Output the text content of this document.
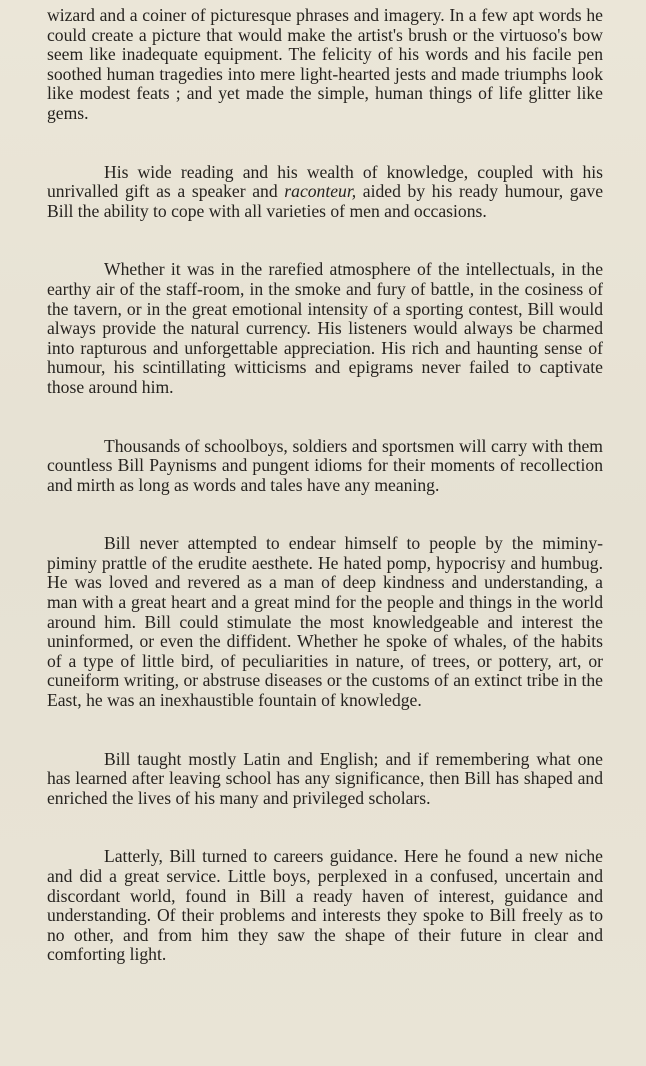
wizard and a coiner of picturesque phrases and imagery. In a few apt words he could create a picture that would make the artist's brush or the virtuoso's bow seem like inadequate equipment. The felicity of his words and his facile pen soothed human tragedies into mere light-hearted jests and made triumphs look like modest feats ; and yet made the simple, human things of life glitter like gems.

His wide reading and his wealth of knowledge, coupled with his unrivalled gift as a speaker and raconteur, aided by his ready humour, gave Bill the ability to cope with all varieties of men and occasions.

Whether it was in the rarefied atmosphere of the intellectuals, in the earthy air of the staff-room, in the smoke and fury of battle, in the cosiness of the tavern, or in the great emotional intensity of a sporting contest, Bill would always provide the natural currency. His listeners would always be charmed into rapturous and unforgettable appreciation. His rich and haunting sense of humour, his scintillating witticisms and epigrams never failed to captivate those around him.

Thousands of schoolboys, soldiers and sportsmen will carry with them countless Bill Paynisms and pungent idioms for their moments of recollection and mirth as long as words and tales have any meaning.

Bill never attempted to endear himself to people by the miminy-piminy prattle of the erudite aesthete. He hated pomp, hypocrisy and humbug. He was loved and revered as a man of deep kindness and understanding, a man with a great heart and a great mind for the people and things in the world around him. Bill could stimulate the most knowledgeable and interest the uninformed, or even the diffident. Whether he spoke of whales, of the habits of a type of little bird, of peculiarities in nature, of trees, or pottery, art, or cuneiform writing, or abstruse diseases or the customs of an extinct tribe in the East, he was an inexhaustible fountain of knowledge.

Bill taught mostly Latin and English; and if remembering what one has learned after leaving school has any significance, then Bill has shaped and enriched the lives of his many and privileged scholars.

Latterly, Bill turned to careers guidance. Here he found a new niche and did a great service. Little boys, perplexed in a confused, uncertain and discordant world, found in Bill a ready haven of interest, guidance and understanding. Of their problems and interests they spoke to Bill freely as to no other, and from him they saw the shape of their future in clear and comforting light.
